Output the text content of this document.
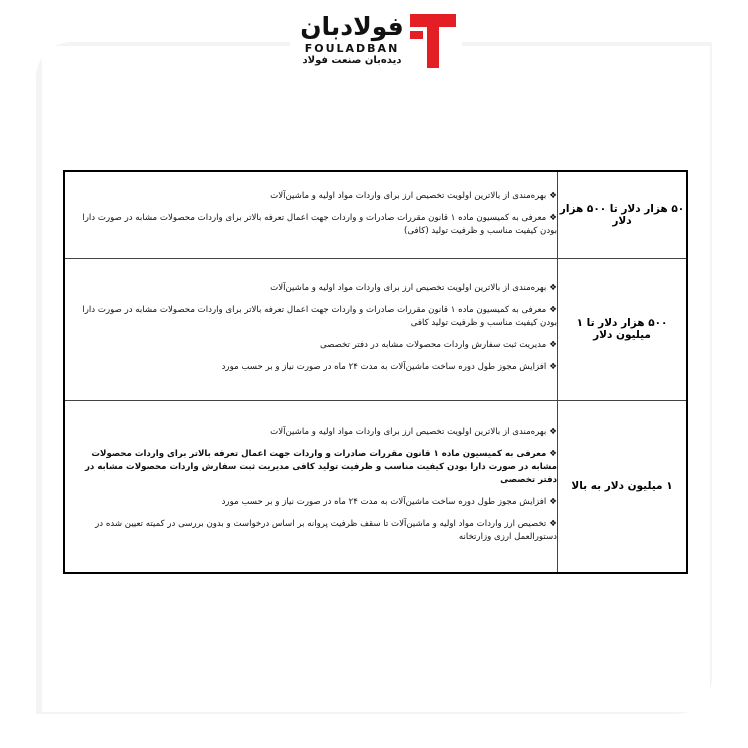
فولادبان
FOULADBAN
دیده‌بان صنعت فولاد
۵۰ هزار دلار تا ۵۰۰ هزار دلار	❖بهره‌مندی از بالاترین اولویت تخصیص ارز برای واردات مواد اولیه و ماشین‌آلات
❖معرفی به کمیسیون ماده ۱ قانون مقررات صادرات و واردات جهت اعمال تعرفه بالاتر برای واردات محصولات مشابه در صورت دارا بودن کیفیت مناسب و ظرفیت تولید (کافی)

۵۰۰ هزار دلار تا ۱ میلیون دلار	❖بهره‌مندی از بالاترین اولویت تخصیص ارز برای واردات مواد اولیه و ماشین‌آلات
❖معرفی به کمیسیون ماده ۱ قانون مقررات صادرات و واردات جهت اعمال تعرفه بالاتر برای واردات محصولات مشابه در صورت دارا بودن کیفیت مناسب و ظرفیت تولید کافی
❖مدیریت ثبت سفارش واردات محصولات مشابه در دفتر تخصصی
❖افزایش مجوز طول دوره ساخت ماشین‌آلات به مدت ۲۴ ماه در صورت نیاز و بر حسب مورد

۱ میلیون دلار به بالا	❖بهره‌مندی از بالاترین اولویت تخصیص ارز برای واردات مواد اولیه و ماشین‌آلات
❖معرفی به کمیسیون ماده ۱ قانون مقررات صادرات و واردات جهت اعمال تعرفه بالاتر برای واردات محصولات مشابه در صورت دارا بودن کیفیت مناسب و ظرفیت تولید کافی مدیریت ثبت سفارش واردات محصولات مشابه در دفتر تخصصی
❖افزایش مجوز طول دوره ساخت ماشین‌آلات به مدت ۲۴ ماه در صورت نیاز و بر حسب مورد
❖تخصیص ارز واردات مواد اولیه و ماشین‌آلات تا سقف ظرفیت پروانه بر اساس درخواست و بدون بررسی در کمیته تعیین شده در دستورالعمل ارزی وزارتخانه
